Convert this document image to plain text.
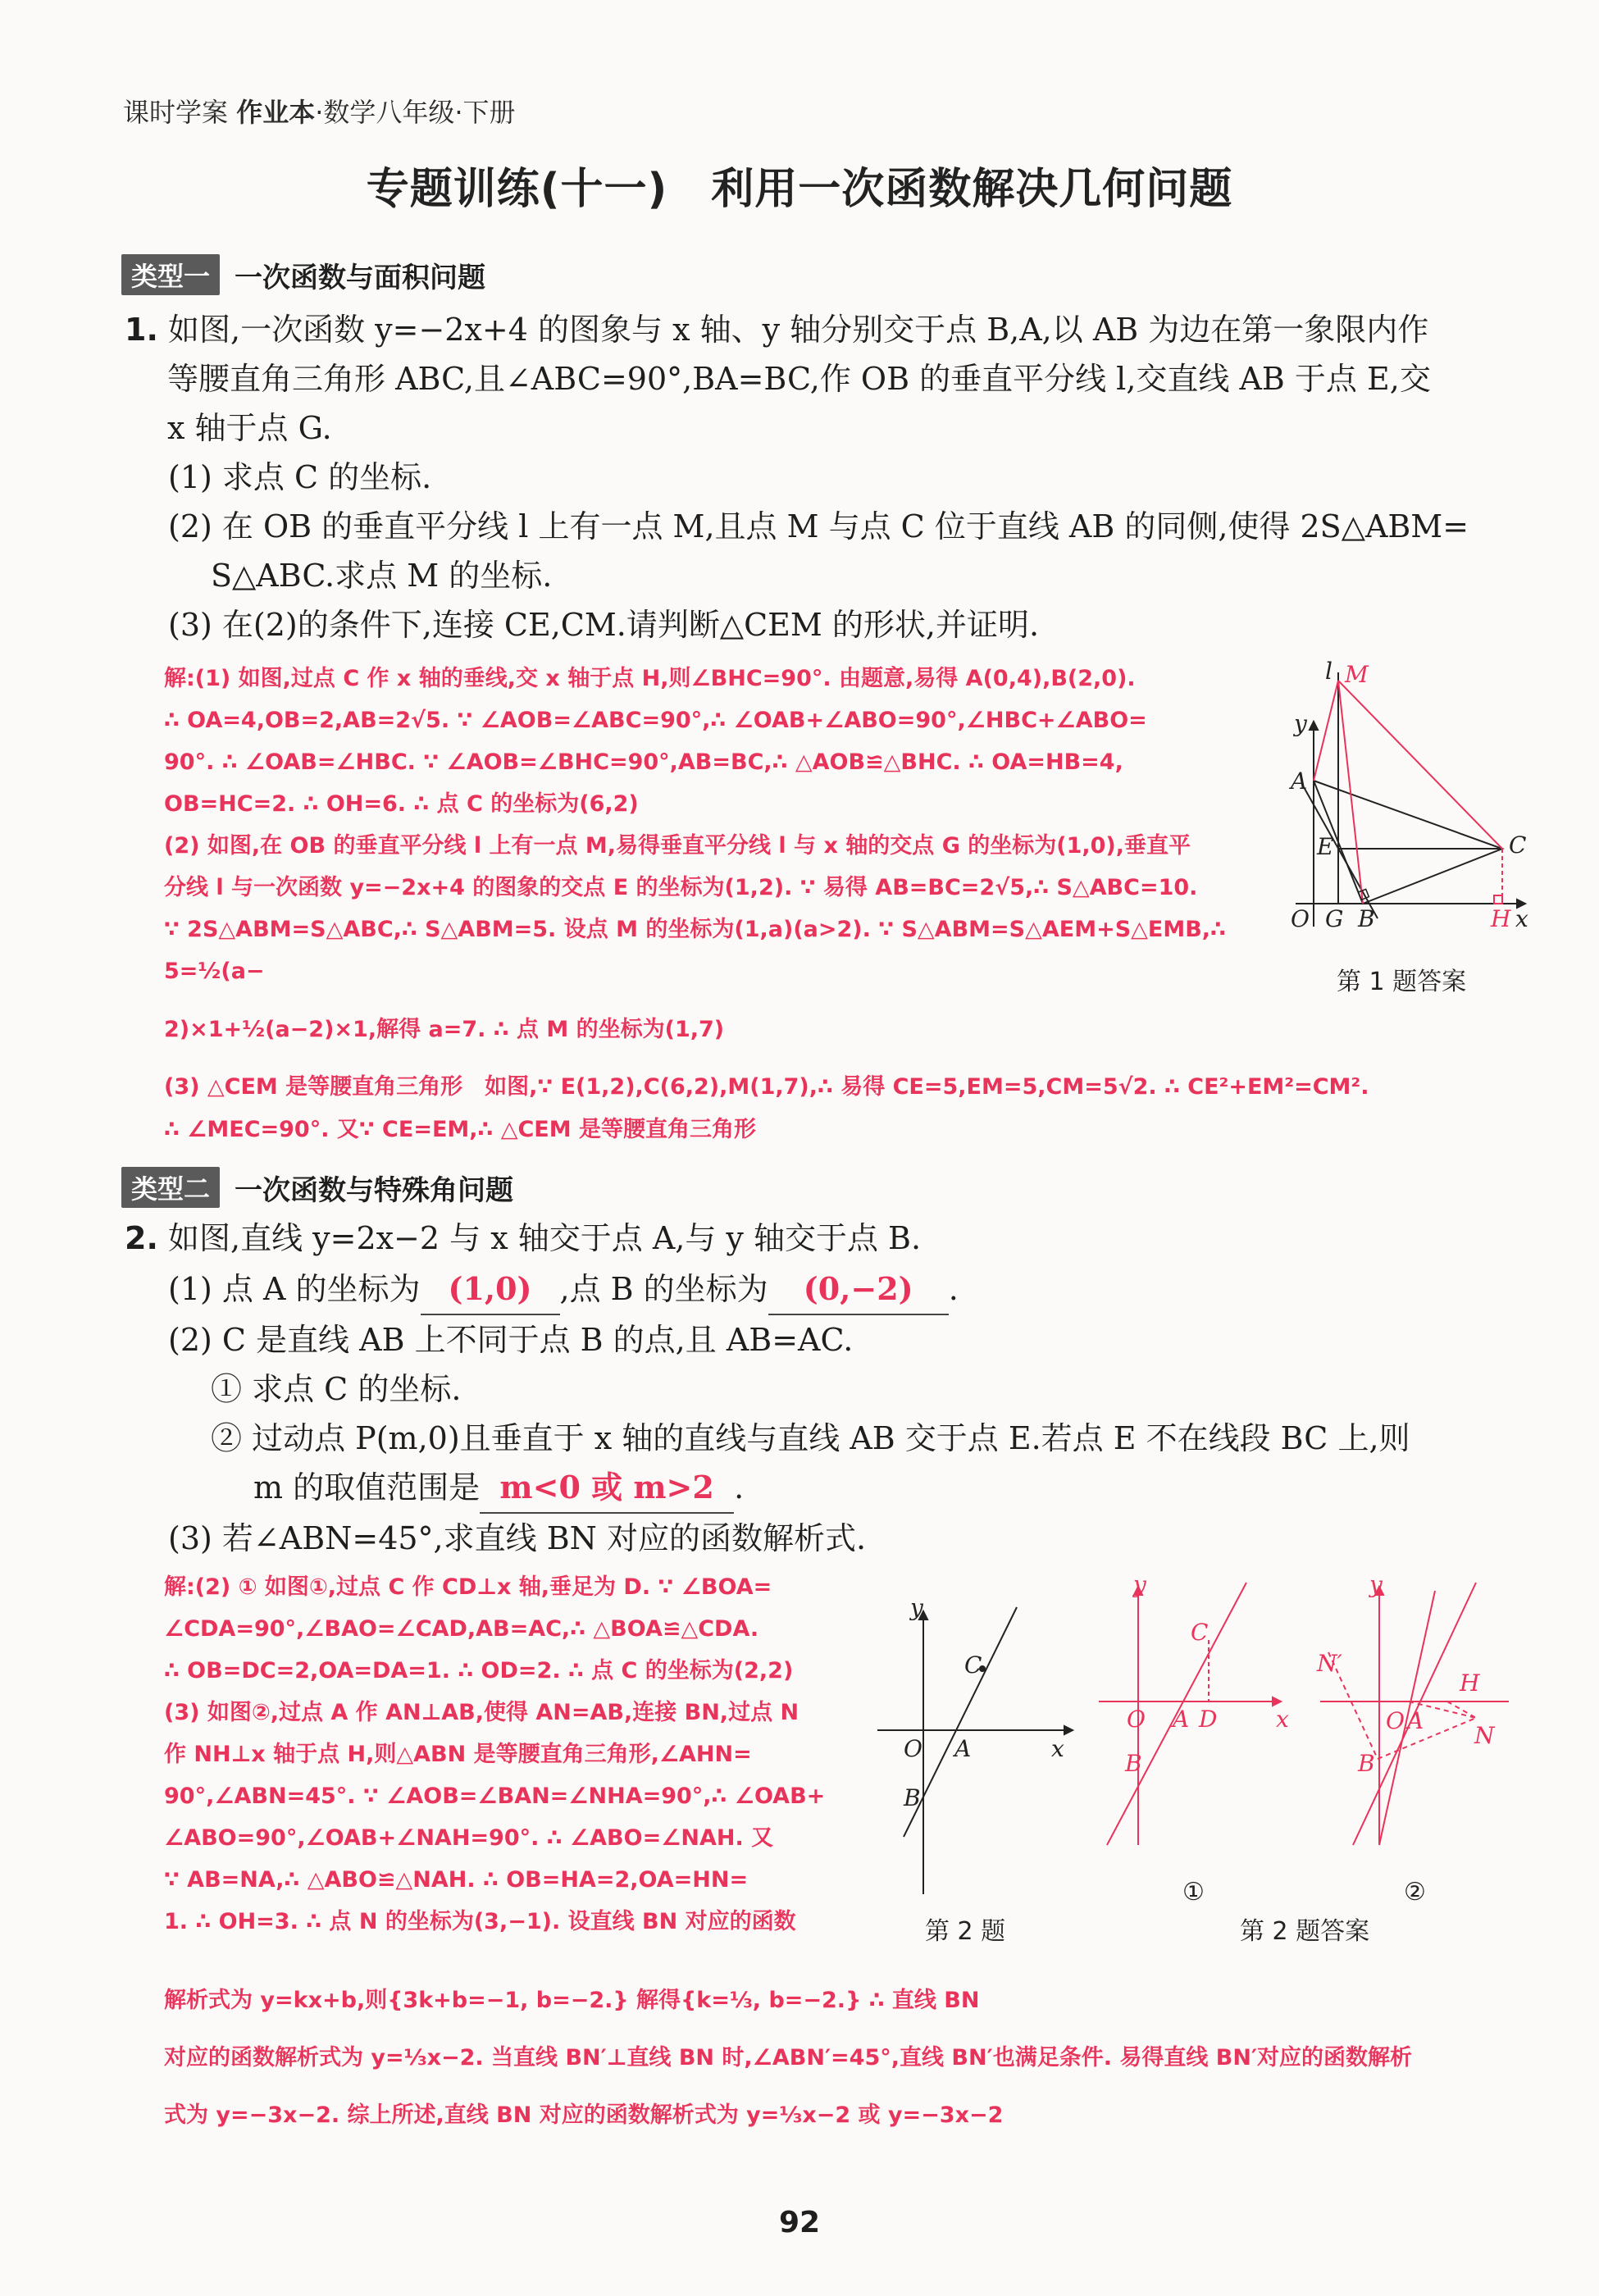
课时学案 作业本·数学八年级·下册
专题训练(十一)　利用一次函数解决几何问题
类型一 一次函数与面积问题
1. 如图,一次函数 y=−2x+4 的图象与 x 轴、y 轴分别交于点 B,A,以 AB 为边在第一象限内作
等腰直角三角形 ABC,且∠ABC=90°,BA=BC,作 OB 的垂直平分线 l,交直线 AB 于点 E,交
x 轴于点 G.
(1) 求点 C 的坐标.
(2) 在 OB 的垂直平分线 l 上有一点 M,且点 M 与点 C 位于直线 AB 的同侧,使得 2S△ABM=
S△ABC.求点 M 的坐标.
(3) 在(2)的条件下,连接 CE,CM.请判断△CEM 的形状,并证明.
解:(1) 如图,过点 C 作 x 轴的垂线,交 x 轴于点 H,则∠BHC=90°. 由题意,易得 A(0,4),B(2,0).
∴ OA=4,OB=2,AB=2√5. ∵ ∠AOB=∠ABC=90°,∴ ∠OAB+∠ABO=90°,∠HBC+∠ABO=
90°. ∴ ∠OAB=∠HBC. ∵ ∠AOB=∠BHC=90°,AB=BC,∴ △AOB≌△BHC. ∴ OA=HB=4,
OB=HC=2. ∴ OH=6. ∴ 点 C 的坐标为(6,2)
(2) 如图,在 OB 的垂直平分线 l 上有一点 M,易得垂直平分线 l 与 x 轴的交点 G 的坐标为(1,0),垂直平
分线 l 与一次函数 y=−2x+4 的图象的交点 E 的坐标为(1,2). ∵ 易得 AB=BC=2√5,∴ S△ABC=10.
∵ 2S△ABM=S△ABC,∴ S△ABM=5. 设点 M 的坐标为(1,a)(a>2). ∵ S△ABM=S△AEM+S△EMB,∴ 5=½(a−
2)×1+½(a−2)×1,解得 a=7. ∴ 点 M 的坐标为(1,7)
(3) △CEM 是等腰直角三角形　如图,∵ E(1,2),C(6,2),M(1,7),∴ 易得 CE=5,EM=5,CM=5√2. ∴ CE²+EM²=CM².
∴ ∠MEC=90°. 又∵ CE=EM,∴ △CEM 是等腰直角三角形
l M
y
A
E	C
O G B	H x
第 1 题答案
类型二 一次函数与特殊角问题
2. 如图,直线 y=2x−2 与 x 轴交于点 A,与 y 轴交于点 B.
(1) 点 A 的坐标为 (1,0) ,点 B 的坐标为 (0,−2) .
(2) C 是直线 AB 上不同于点 B 的点,且 AB=AC.
① 求点 C 的坐标.
② 过动点 P(m,0)且垂直于 x 轴的直线与直线 AB 交于点 E.若点 E 不在线段 BC 上,则
m 的取值范围是 m<0 或 m>2 .
(3) 若∠ABN=45°,求直线 BN 对应的函数解析式.
解:(2) ① 如图①,过点 C 作 CD⊥x 轴,垂足为 D. ∵ ∠BOA=
∠CDA=90°,∠BAO=∠CAD,AB=AC,∴ △BOA≌△CDA.
∴ OB=DC=2,OA=DA=1. ∴ OD=2. ∴ 点 C 的坐标为(2,2)
(3) 如图②,过点 A 作 AN⊥AB,使得 AN=AB,连接 BN,过点 N
作 NH⊥x 轴于点 H,则△ABN 是等腰直角三角形,∠AHN=
90°,∠ABN=45°. ∵ ∠AOB=∠BAN=∠NHA=90°,∴ ∠OAB+
∠ABO=90°,∠OAB+∠NAH=90°. ∴ ∠ABO=∠NAH. 又
∵ AB=NA,∴ △ABO≌△NAH. ∴ OB=HA=2,OA=HN=
1. ∴ OH=3. ∴ 点 N 的坐标为(3,−1). 设直线 BN 对应的函数
解析式为 y=kx+b,则{3k+b=−1, b=−2.} 解得{k=⅓, b=−2.} ∴ 直线 BN
对应的函数解析式为 y=⅓x−2. 当直线 BN′⊥直线 BN 时,∠ABN′=45°,直线 BN′也满足条件. 易得直线 BN′对应的函数解析
式为 y=−3x−2. 综上所述,直线 BN 对应的函数解析式为 y=⅓x−2 或 y=−3x−2
y
C
O A	x
B
第 2 题
y
C
O A D	x
B
①
y
N′
H
O A
N
B
②
第 2 题答案
92
